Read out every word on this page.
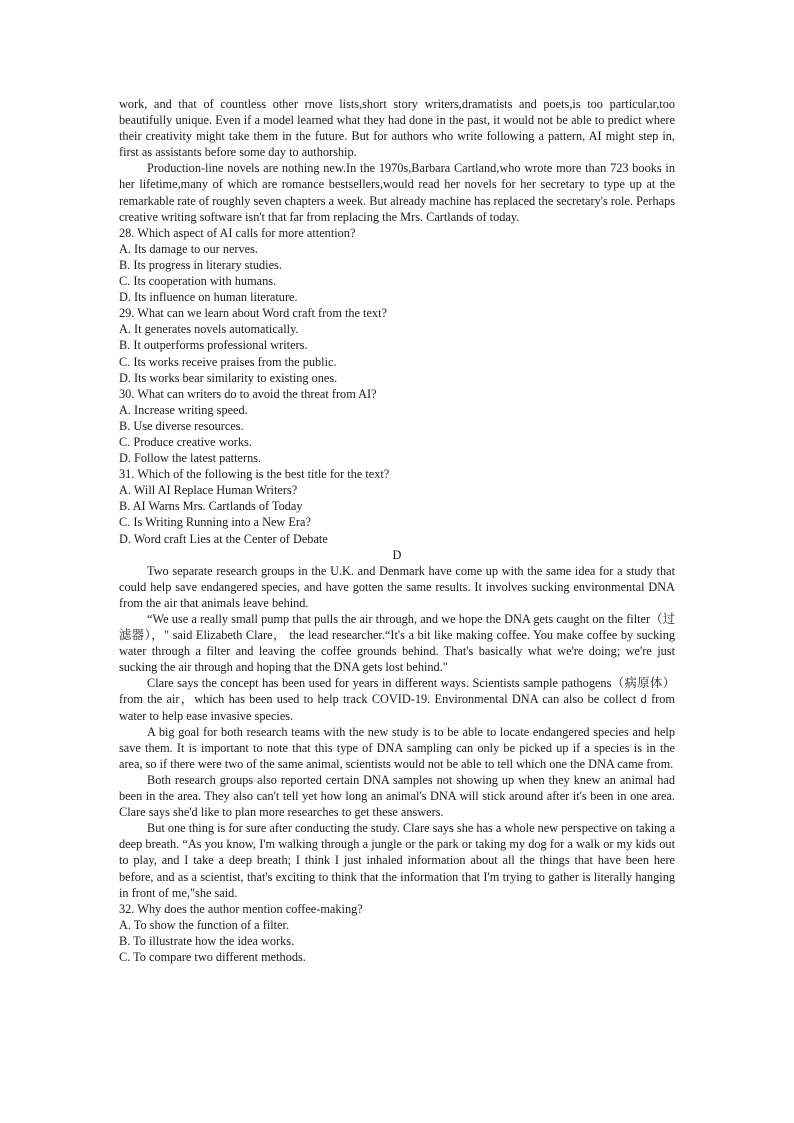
work, and that of countless other rnove lists,short story writers,dramatists and poets,is too particular,too beautifully unique. Even if a model learned what they had done in the past, it would not be able to predict where their creativity might take them in the future. But for authors who write following a pattern, AI might step in, first as assistants before some day to authorship.

Production-line novels are nothing new.In the 1970s,Barbara Cartland,who wrote more than 723 books in her lifetime,many of which are romance bestsellers,would read her novels for her secretary to type up at the remarkable rate of roughly seven chapters a week. But already machine has replaced the secretary's role. Perhaps creative writing software isn't that far from replacing the Mrs. Cartlands of today.

28. Which aspect of AI calls for more attention?

A. Its damage to our nerves.

B. Its progress in literary studies.

C. Its cooperation with humans.

D. Its influence on human literature.

29. What can we learn about Word craft from the text?

A. It generates novels automatically.

B. It outperforms professional writers.

C. Its works receive praises from the public.

D. Its works bear similarity to existing ones.

30. What can writers do to avoid the threat from AI?

A. Increase writing speed.

B. Use diverse resources.

C. Produce creative works.

D. Follow the latest patterns.

31. Which of the following is the best title for the text?

A. Will AI Replace Human Writers?

B. AI Warns Mrs. Cartlands of Today

C. Is Writing Running into a New Era?

D. Word craft Lies at the Center of Debate

D

Two separate research groups in the U.K. and Denmark have come up with the same idea for a study that could help save endangered species, and have gotten the same results. It involves sucking environmental DNA from the air that animals leave behind.

“We use a really small pump that pulls the air through, and we hope the DNA gets caught on the filter（过滤器），" said Elizabeth Clare， the lead researcher.“It's a bit like making coffee. You make coffee by sucking water through a filter and leaving the coffee grounds behind. That's basically what we're doing; we're just sucking the air through and hoping that the DNA gets lost behind."

Clare says the concept has been used for years in different ways. Scientists sample pathogens（病原体）from the air，which has been used to help track COVID-19. Environmental DNA can also be collect d from water to help ease invasive species.

A big goal for both research teams with the new study is to be able to locate endangered species and help save them. It is important to note that this type of DNA sampling can only be picked up if a species is in the area, so if there were two of the same animal, scientists would not be able to tell which one the DNA came from.

Both research groups also reported certain DNA samples not showing up when they knew an animal had been in the area. They also can't tell yet how long an animal's DNA will stick around after it's been in one area. Clare says she'd like to plan more researches to get these answers.

But one thing is for sure after conducting the study. Clare says she has a whole new perspective on taking a deep breath. “As you know, I'm walking through a jungle or the park or taking my dog for a walk or my kids out to play, and I take a deep breath; I think I just inhaled information about all the things that have been here before, and as a scientist, that's exciting to think that the information that I'm trying to gather is literally hanging in front of me,"she said.

32. Why does the author mention coffee-making?

A. To show the function of a filter.

B. To illustrate how the idea works.

C. To compare two different methods.
